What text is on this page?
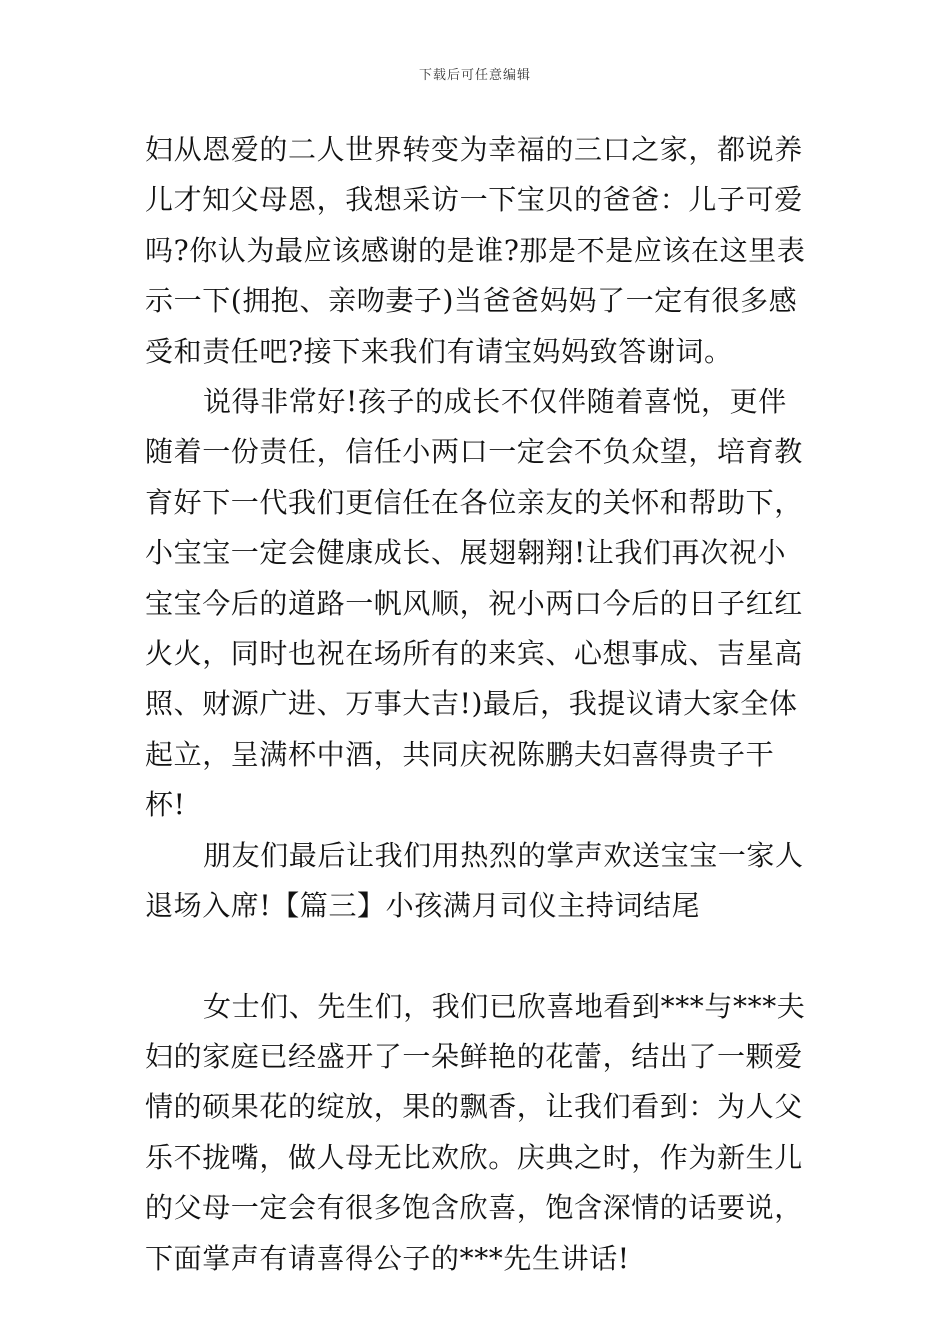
下载后可任意编辑

妇从恩爱的二人世界转变为幸福的三口之家，都说养儿才知父母恩，我想采访一下宝贝的爸爸：儿子可爱吗?你认为最应该感谢的是谁?那是不是应该在这里表示一下(拥抱、亲吻妻子)当爸爸妈妈了一定有很多感受和责任吧?接下来我们有请宝妈妈致答谢词。

说得非常好!孩子的成长不仅伴随着喜悦，更伴随着一份责任，信任小两口一定会不负众望，培育教育好下一代我们更信任在各位亲友的关怀和帮助下，小宝宝一定会健康成长、展翅翱翔!让我们再次祝小宝宝今后的道路一帆风顺，祝小两口今后的日子红红火火，同时也祝在场所有的来宾、心想事成、吉星高照、财源广进、万事大吉!)最后，我提议请大家全体起立，呈满杯中酒，共同庆祝陈鹏夫妇喜得贵子干杯!

朋友们最后让我们用热烈的掌声欢送宝宝一家人退场入席!【篇三】小孩满月司仪主持词结尾

女士们、先生们，我们已欣喜地看到***与***夫妇的家庭已经盛开了一朵鲜艳的花蕾，结出了一颗爱情的硕果花的绽放，果的飘香，让我们看到：为人父乐不拢嘴，做人母无比欢欣。庆典之时，作为新生儿的父母一定会有很多饱含欣喜，饱含深情的话要说，下面掌声有请喜得公子的***先生讲话!
